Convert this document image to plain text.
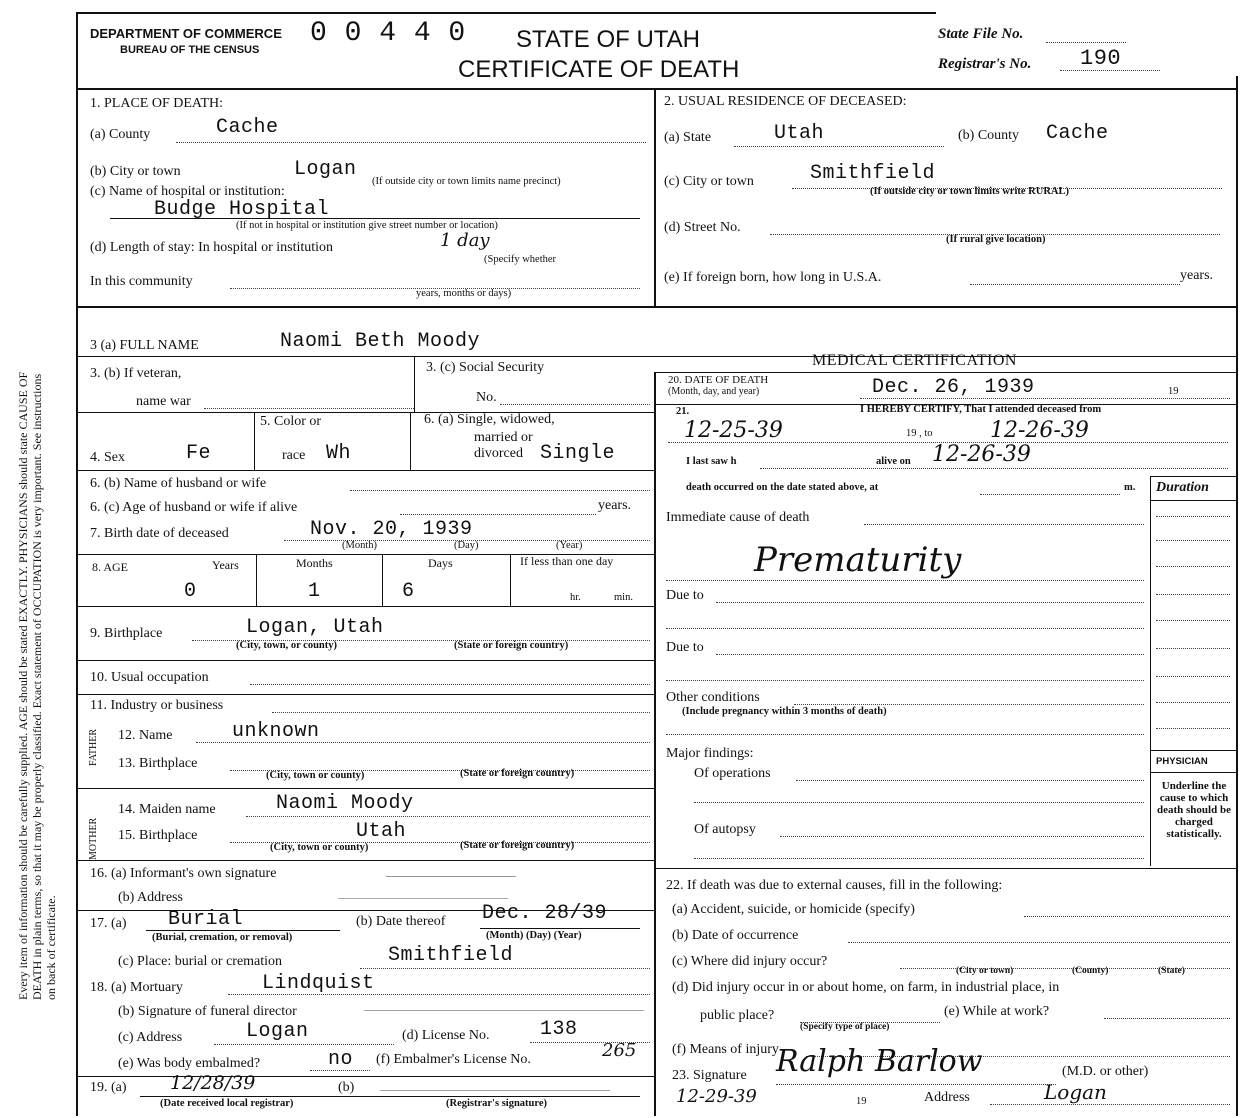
Every item of information should be carefully supplied. AGE should be stated EXACTLY. PHYSICIANS should state CAUSE OF DEATH in plain terms, so that it may be properly classified. Exact statement of OCCUPATION is very important. See instructions on back of certificate.
DEPARTMENT OF COMMERCE
BUREAU OF THE CENSUS
0 0 4 4 0 STATE OF UTAH
CERTIFICATE OF DEATH
State File No.
Registrar's No. 190
1. PLACE OF DEATH:
(a) County	Cache
(b) City or town	Logan
(c) Name of hospital or institution:
(If outside city or town limits name precinct)
Budge Hospital
(If not in hospital or institution give street number or location)
(d) Length of stay: In hospital or institution	1 day
(Specify whether
In this community
years, months or days)
2. USUAL RESIDENCE OF DECEASED:
(a) State	Utah	(b) County Cache
(c) City or town	Smithfield
(If outside city or town limits write RURAL)
(d) Street No.
(If rural give location)
(e) If foreign born, how long in U.S.A.	years.
3 (a) FULL NAME	Naomi Beth Moody
MEDICAL CERTIFICATION
3. (b) If veteran,
name war
3. (c) Social Security
No.
4. Sex	Fe
5. Color or
race Wh
6. (a) Single, widowed,
married or
divorced Single
6. (b) Name of husband or wife
6. (c) Age of husband or wife if alive	years.
7. Birth date of deceased	Nov. 20, 1939
(Month)	(Day)	(Year)
8. AGE	Years	Months	Days	If less than one day
0	1	6	hr.	min.
9. Birthplace	Logan, Utah
(City, town, or county)	(State or foreign country)
10. Usual occupation
11. Industry or business
FATHER 12. Name	unknown
13. Birthplace
(City, town or county)	(State or foreign country)
MOTHER
14. Maiden name	Naomi Moody
15. Birthplace	Utah
(City, town or county)	(State or foreign country)
16. (a) Informant's own signature
(b) Address
17. (a) Burial
(Burial, cremation, or removal)
(b) Date thereof Dec. 28/39
(Month) (Day) (Year)
(c) Place: burial or cremation	Smithfield
18. (a) Mortuary	Lindquist
(b) Signature of funeral director
(c) Address	Logan	(d) License No.	138
(e) Was body embalmed?	no (f) Embalmer's License No.	265
19. (a) 12/28/39	(b)
(Date received local registrar)	(Registrar's signature)
20. DATE OF DEATH
(Month, day, and year)	Dec. 26, 1939	19
21.	I HEREBY CERTIFY, That I attended deceased from
12-25-39	19 , to	12-26-39
I last saw h	alive on 12-26-39
death occurred on the date stated above, at	m. Duration
PHYSICIAN
Underline the cause to which death should be charged statistically.
Immediate cause of death
Prematurity
Due to
Due to
Other conditions
(Include pregnancy within 3 months of death)
Major findings:
Of operations
Of autopsy
22. If death was due to external causes, fill in the following:
(a) Accident, suicide, or homicide (specify)
(b) Date of occurrence
(c) Where did injury occur?
(City or town)	(County)	(State)
(d) Did injury occur in or about home, on farm, in industrial place, in
public place?
(Specify type of place)
(e) While at work?
(f) Means of injury
23. Signature Ralph Barlow	(M.D. or other)
12-29-39	19	Address	Logan
